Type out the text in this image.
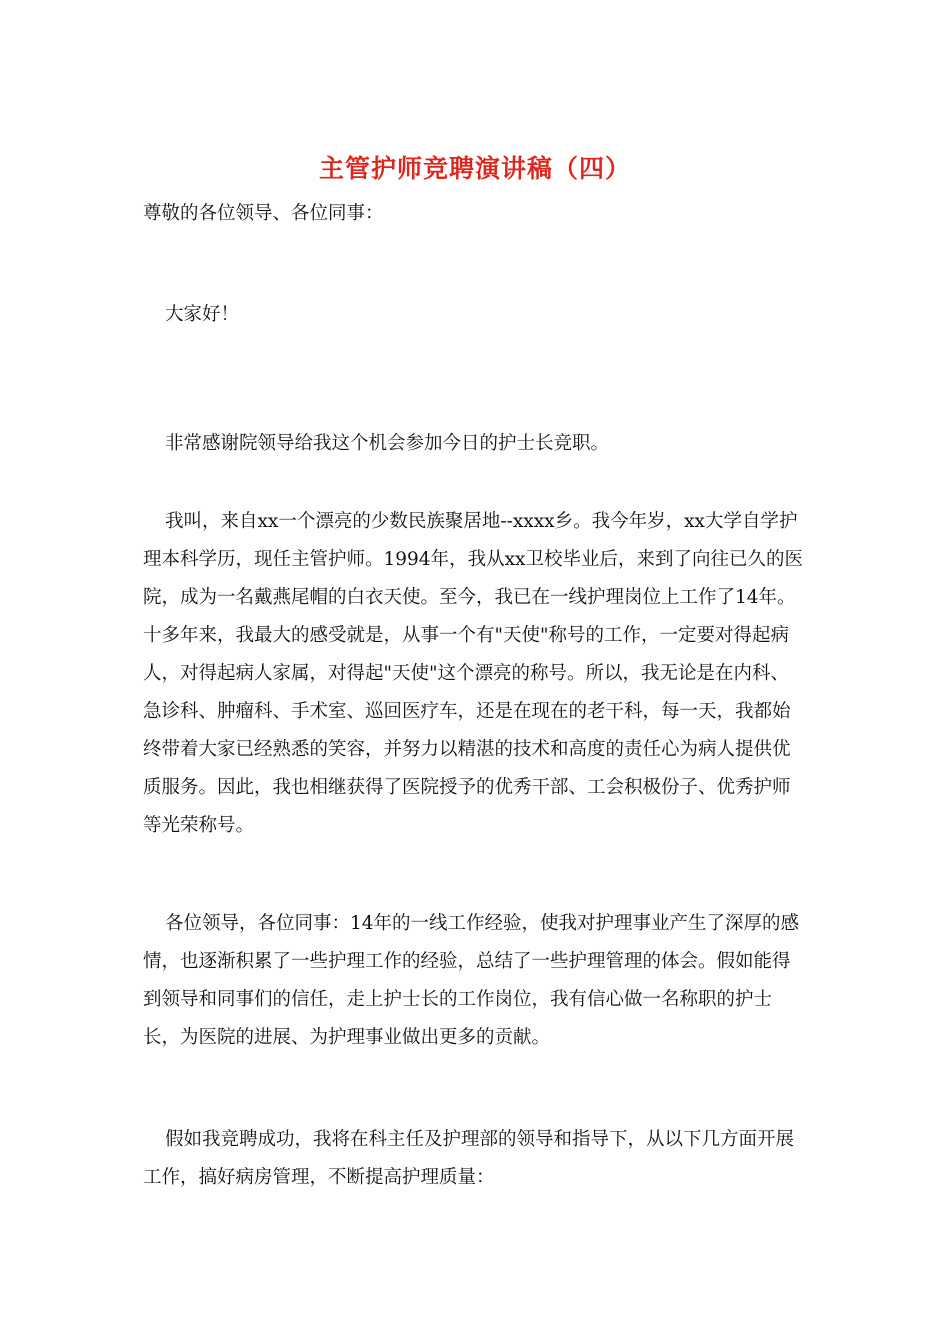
主管护师竞聘演讲稿（四）

尊敬的各位领导、各位同事：

大家好！

非常感谢院领导给我这个机会参加今日的护士长竞职。

我叫，来自xx一个漂亮的少数民族聚居地--xxxx乡。我今年岁，xx大学自学护理本科学历，现任主管护师。1994年，我从xx卫校毕业后，来到了向往已久的医院，成为一名戴燕尾帽的白衣天使。至今，我已在一线护理岗位上工作了14年。十多年来，我最大的感受就是，从事一个有"天使"称号的工作，一定要对得起病人，对得起病人家属，对得起"天使"这个漂亮的称号。所以，我无论是在内科、急诊科、肿瘤科、手术室、巡回医疗车，还是在现在的老干科，每一天，我都始终带着大家已经熟悉的笑容，并努力以精湛的技术和高度的责任心为病人提供优质服务。因此，我也相继获得了医院授予的优秀干部、工会积极份子、优秀护师等光荣称号。

各位领导，各位同事：14年的一线工作经验，使我对护理事业产生了深厚的感情，也逐渐积累了一些护理工作的经验，总结了一些护理管理的体会。假如能得到领导和同事们的信任，走上护士长的工作岗位，我有信心做一名称职的护士长，为医院的进展、为护理事业做出更多的贡献。

假如我竞聘成功，我将在科主任及护理部的领导和指导下，从以下几方面开展工作，搞好病房管理，不断提高护理质量：
